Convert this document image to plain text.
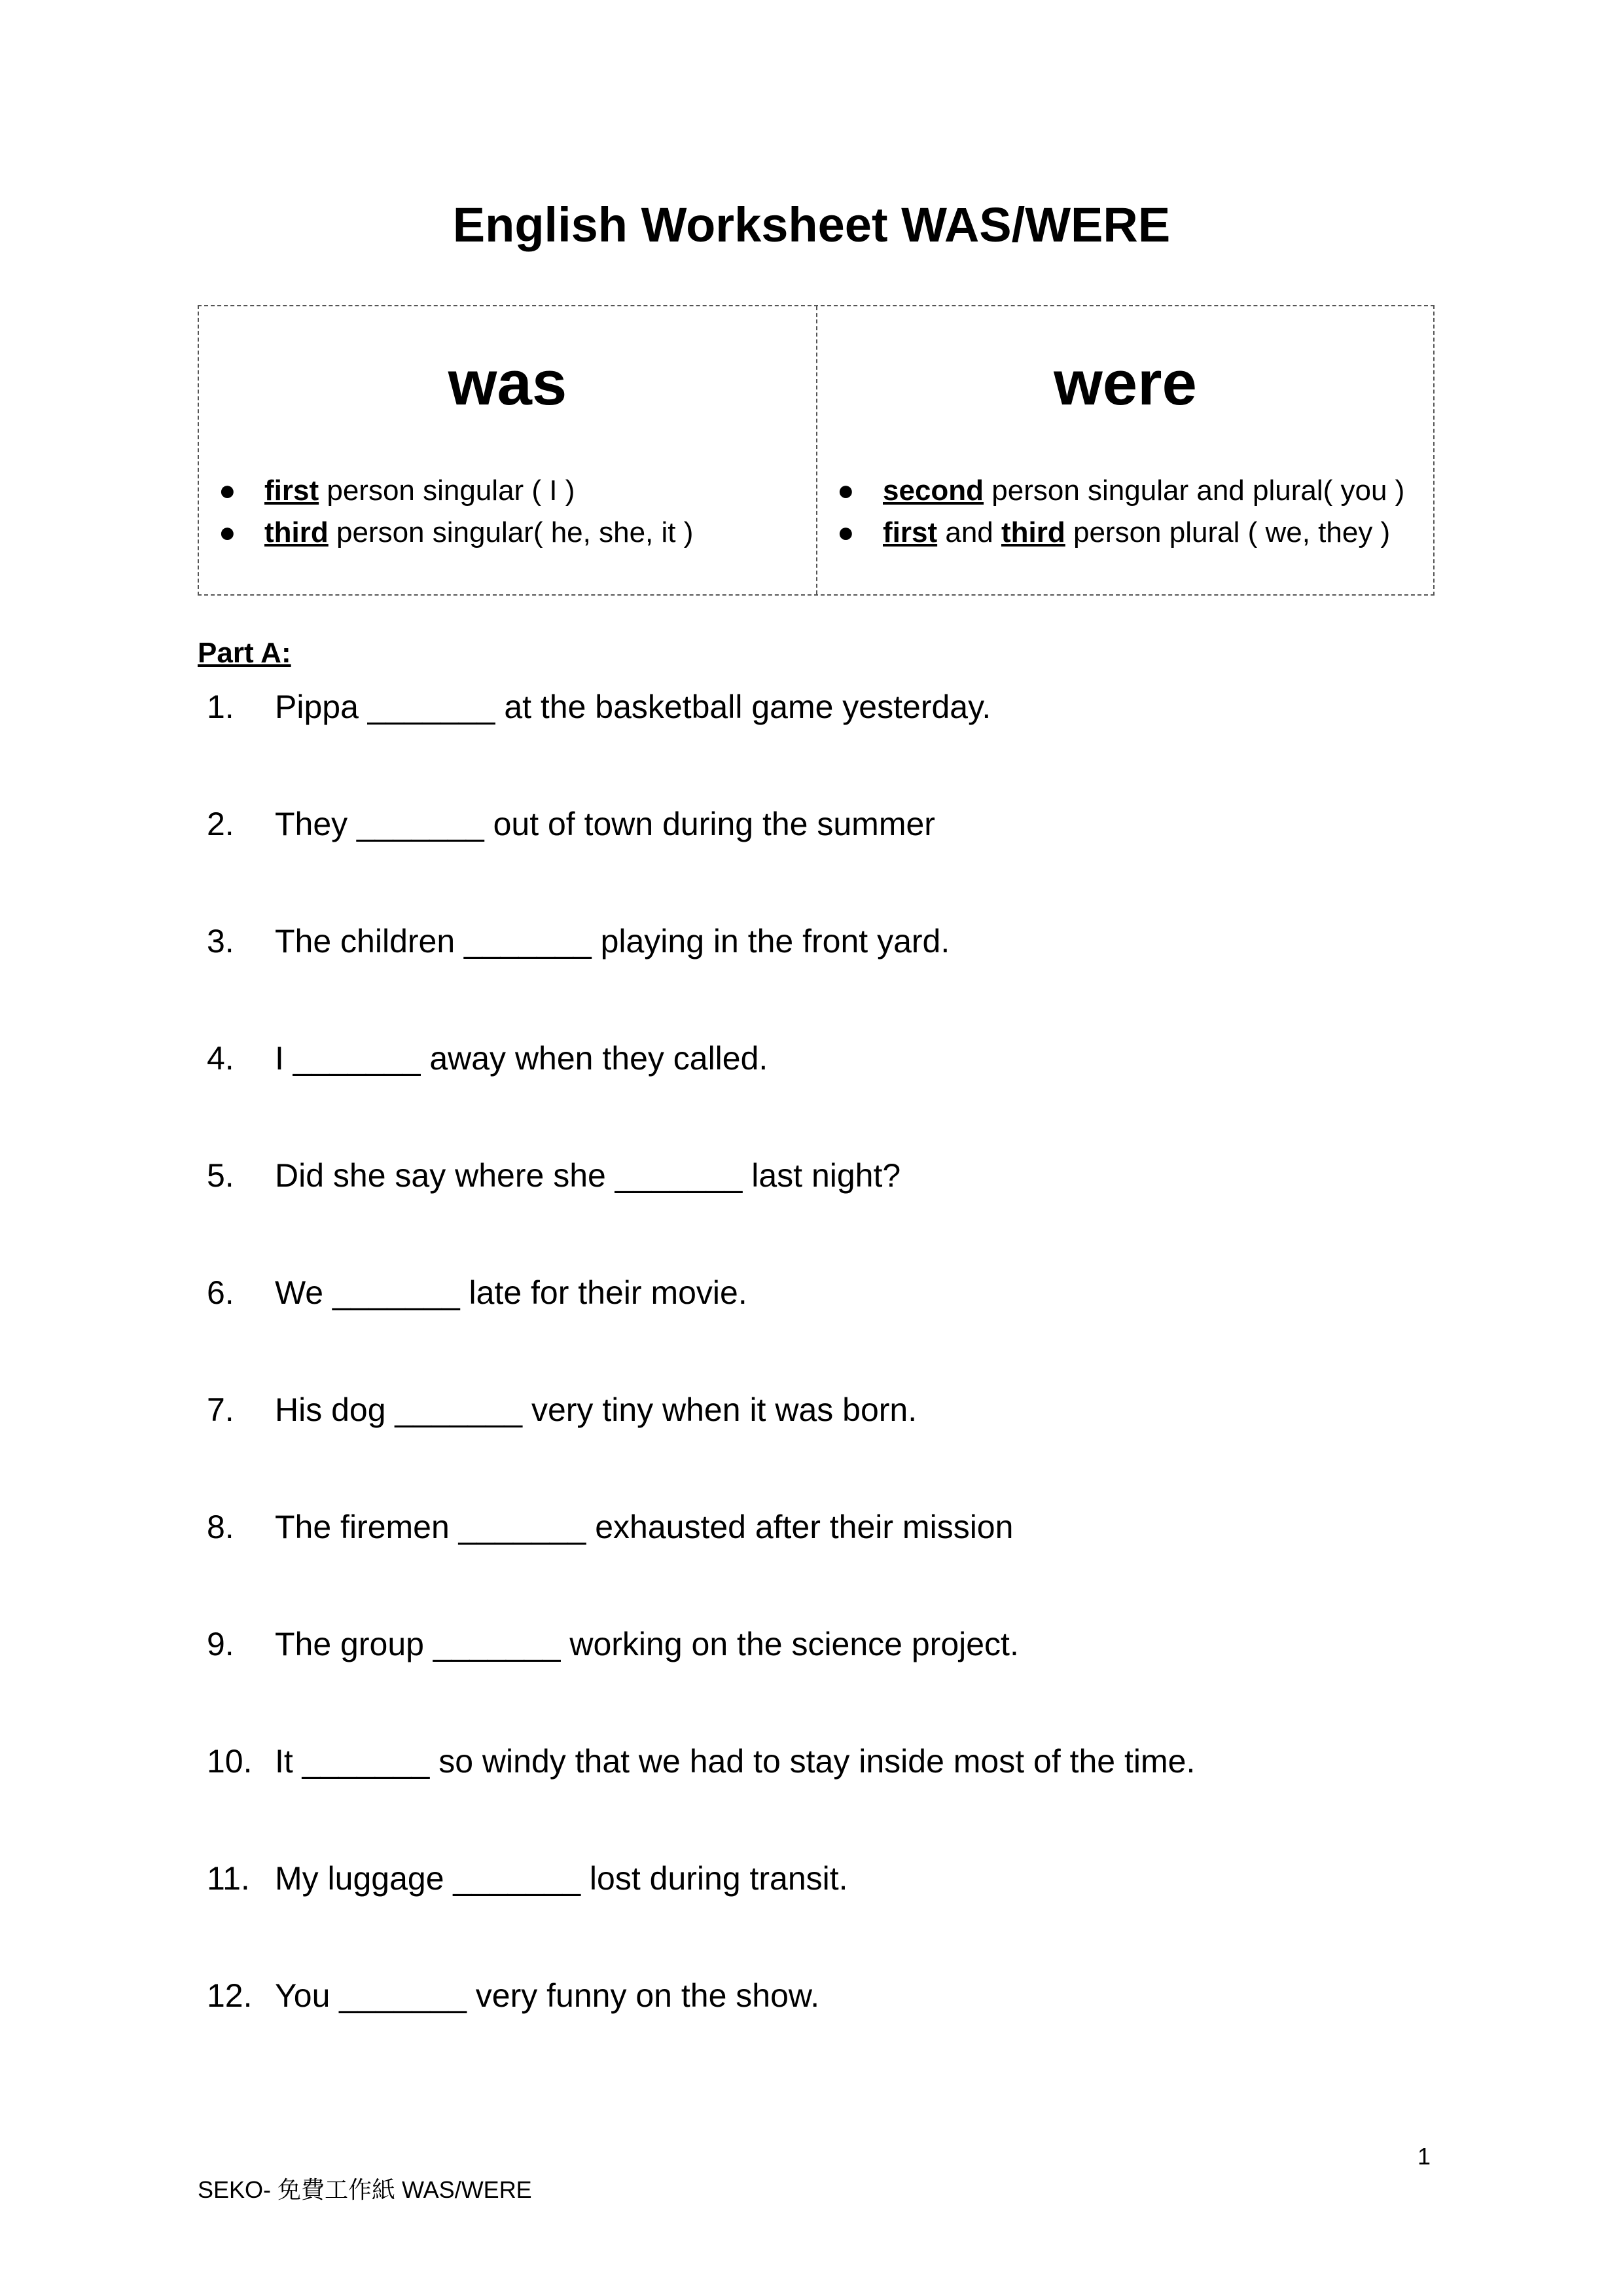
English Worksheet WAS/WERE
was
● first person singular ( I )
● third person singular( he, she, it )
were
● second person singular and plural( you )
● first and third person plural ( we, they )
Part A:
1.	Pippa _______ at the basketball game yesterday.
2.	They _______ out of town during the summer
3.	The children _______ playing in the front yard.
4.	I _______ away when they called.
5.	Did she say where she _______ last night?
6.	We _______ late for their movie.
7.	His dog _______ very tiny when it was born.
8.	The firemen _______ exhausted after their mission
9.	The group _______ working on the science project.
10. It _______ so windy that we had to stay inside most of the time.
11. My luggage _______ lost during transit.
12. You _______ very funny on the show.
1
SEKO- 免費工作紙 WAS/WERE
